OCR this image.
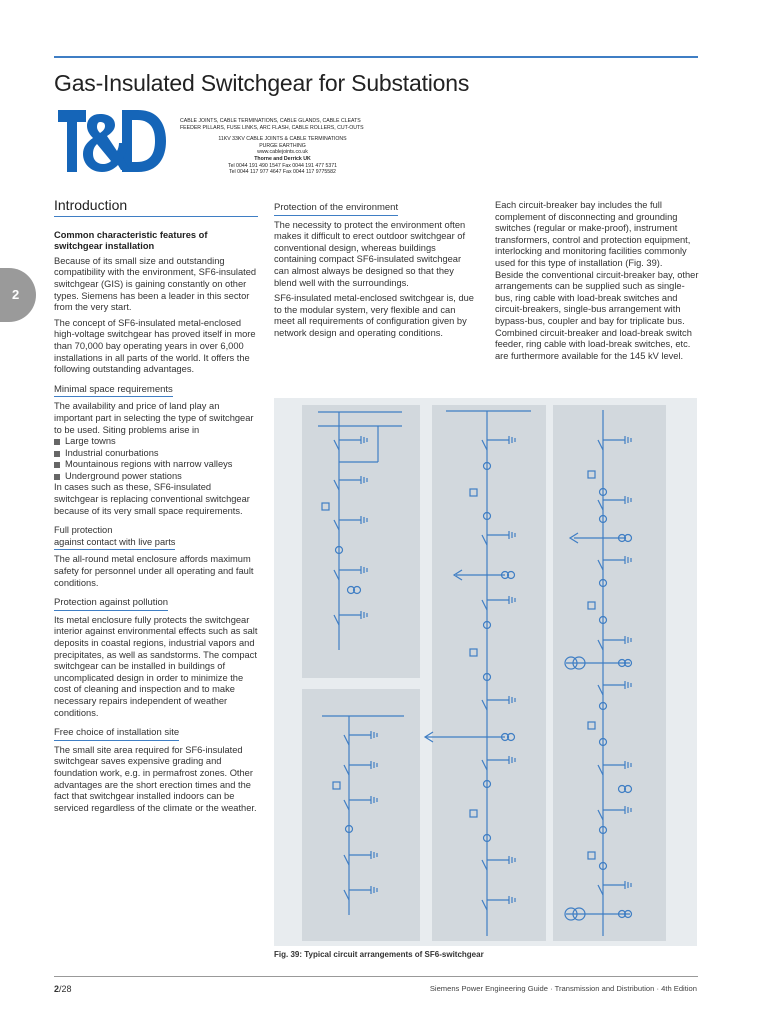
Gas-Insulated Switchgear for Substations
CABLE JOINTS, CABLE TERMINATIONS, CABLE GLANDS, CABLE CLEATS
FEEDER PILLARS, FUSE LINKS, ARC FLASH, CABLE ROLLERS, CUT-OUTS
11KV 33KV CABLE JOINTS & CABLE TERMINATIONS
PURGE EARTHING
www.cablejoints.co.uk
Thorne and Derrick UK
Tel 0044 191 490 1547 Fax 0044 191 477 5371
Tel 0044 117 977 4647 Fax 0044 117 9775582
2
Introduction

Common characteristic features of switchgear installation

Because of its small size and outstanding compatibility with the environment, SF6-insulated switchgear (GIS) is gaining constantly on other types. Siemens has been a leader in this sector from the very start.

The concept of SF6-insulated metal-enclosed high-voltage switchgear has proved itself in more than 70,000 bay operating years in over 6,000 installations in all parts of the world. It offers the following outstanding advantages.

Minimal space requirements

The availability and price of land play an important part in selecting the type of switchgear to be used. Siting problems arise in

Large towns
Industrial conurbations
Mountainous regions with narrow valleys
Underground power stations

In cases such as these, SF6-insulated switchgear is replacing conventional switchgear because of its very small space requirements.

Full protection
against contact with live parts

The all-round metal enclosure affords maximum safety for personnel under all operating and fault conditions.

Protection against pollution

Its metal enclosure fully protects the switchgear interior against environmental effects such as salt deposits in coastal regions, industrial vapors and precipitates, as well as sandstorms. The compact switchgear can be installed in buildings of uncomplicated design in order to minimize the cost of cleaning and inspection and to make necessary repairs independent of weather conditions.

Free choice of installation site

The small site area required for SF6-insulated switchgear saves expensive grading and foundation work, e.g. in permafrost zones. Other advantages are the short erection times and the fact that switchgear installed indoors can be serviced regardless of the climate or the weather.

Protection of the environment

The necessity to protect the environment often makes it difficult to erect outdoor switchgear of conventional design, whereas buildings containing compact SF6-insulated switchgear can almost always be designed so that they blend well with the surroundings.

SF6-insulated metal-enclosed switchgear is, due to the modular system, very flexible and can meet all requirements of configuration given by network design and operating conditions.

Each circuit-breaker bay includes the full complement of disconnecting and grounding switches (regular or make-proof), instrument transformers, control and protection equipment, interlocking and monitoring facilities commonly used for this type of installation (Fig. 39).

Beside the conventional circuit-breaker bay, other arrangements can be supplied such as single-bus, ring cable with load-break switches and circuit-breakers, single-bus arrangement with bypass-bus, coupler and bay for triplicate bus. Combined circuit-breaker and load-break switch feeder, ring cable with load-break switches, etc. are furthermore available for the 145 kV level.

Fig. 39: Typical circuit arrangements of SF6-switchgear
2/28	Siemens Power Engineering Guide · Transmission and Distribution · 4th Edition
